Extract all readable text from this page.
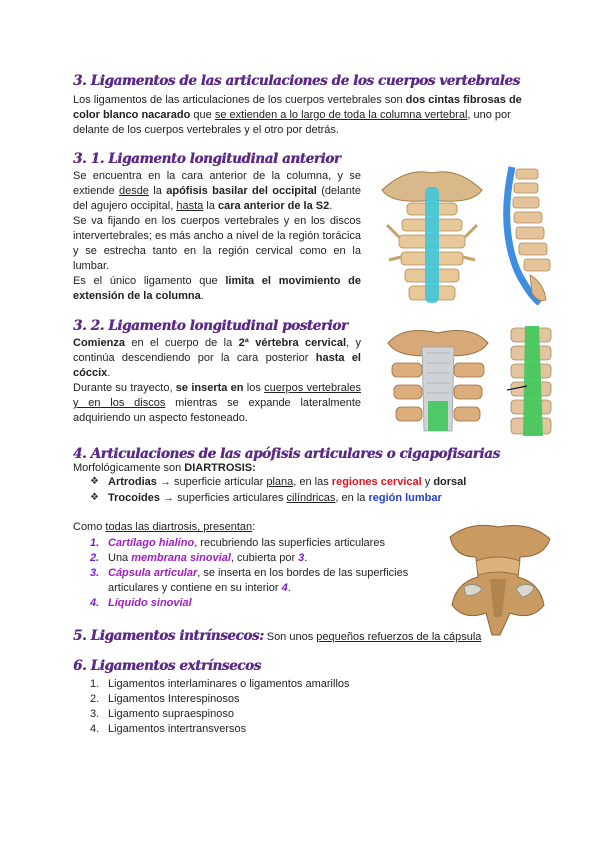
3. Ligamentos de las articulaciones de los cuerpos vertebrales

Los ligamentos de las articulaciones de los cuerpos vertebrales son dos cintas fibrosas de color blanco nacarado que se extienden a lo largo de toda la columna vertebral, uno por delante de los cuerpos vertebrales y el otro por detrás.

3. 1. Ligamento longitudinal anterior
Se encuentra en la cara anterior de la columna, y se extiende desde la apófisis basilar del occipital (delante del agujero occipital, hasta la cara anterior de la S2.
Se va fijando en los cuerpos vertebrales y en los discos intervertebrales; es más ancho a nivel de la región torácica y se estrecha tanto en la región cervical como en la lumbar.
Es el único ligamento que limita el movimiento de extensión de la columna.
3. 2. Ligamento longitudinal posterior
Comienza en el cuerpo de la 2ª vértebra cervical, y continúa descendiendo por la cara posterior hasta el cóccix.
Durante su trayecto, se inserta en los cuerpos vertebrales y en los discos mientras se expande lateralmente adquiriendo un aspecto festoneado.
4. Articulaciones de las apófisis articulares o cigapofisarias

Morfológicamente son DIARTROSIS:

❖ Artrodias → superficie articular plana, en las regiones cervical y dorsal
❖ Trocoides → superficies articulares cilíndricas, en la región lumbar

Como todas las diartrosis, presentan:

1. Cartílago hialino, recubriendo las superficies articulares
2. Una membrana sinovial, cubierta por 3.
3. Cápsula articular, se inserta en los bordes de las superficies articulares y contiene en su interior 4.
4. Líquido sinovial

5. Ligamentos intrínsecos: Son unos pequeños refuerzos de la cápsula

6. Ligamentos extrínsecos
1. Ligamentos interlaminares o ligamentos amarillos
2. Ligamentos Interespinosos
3. Ligamento supraespinoso
4. Ligamentos intertransversos
